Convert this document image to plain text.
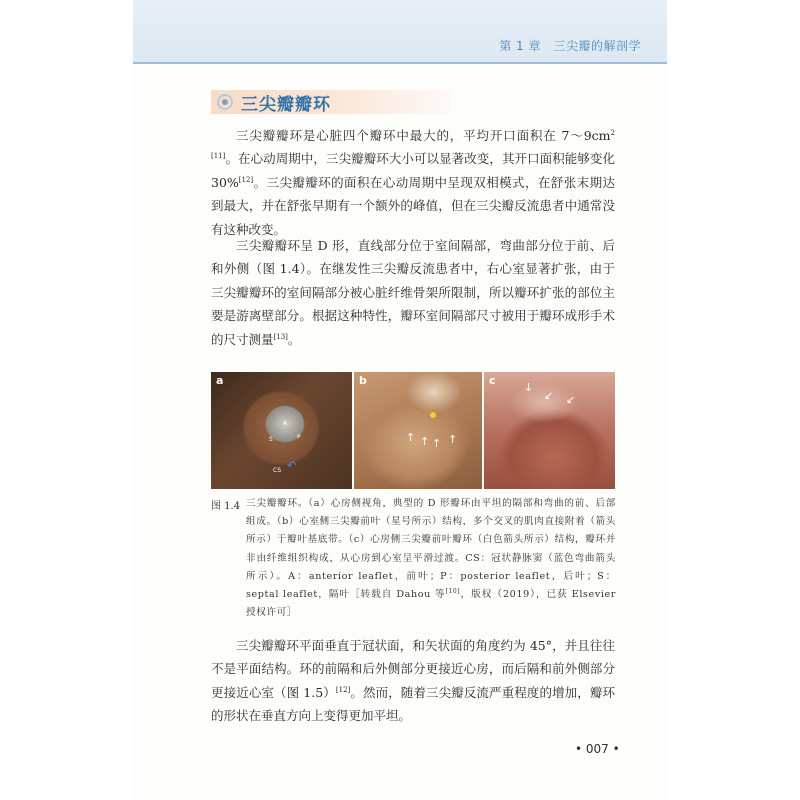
第 1 章　三尖瓣的解剖学
三尖瓣瓣环

三尖瓣瓣环是心脏四个瓣环中最大的，平均开口面积在 $7\sim 9cm^{2 [11]}$。在心动周期中，三尖瓣瓣环大小可以显著改变，其开口面积能够变化 30%[12]。三尖瓣瓣环的面积在心动周期中呈现双相模式，在舒张末期达到最大，并在舒张早期有一个额外的峰值，但在三尖瓣反流患者中通常没有这种改变。

三尖瓣瓣环呈 D 形，直线部分位于室间隔部，弯曲部分位于前、后和外侧（图 1.4）。在继发性三尖瓣反流患者中，右心室显著扩张，由于三尖瓣瓣环的室间隔部分被心脏纤维骨架所限制，所以瓣环扩张的部位主要是游离壁部分。根据这种特性，瓣环室间隔部尺寸被用于瓣环成形手术的尺寸测量[13]。

a
A
S	P
CS ↶
b
↑ ↑ ↑ ↑
c
↓
↙ ↙
图 1.4 三尖瓣瓣环。（a）心房侧视角，典型的 D 形瓣环由平坦的隔部和弯曲的前、后部组成。（b）心室侧三尖瓣前叶（星号所示）结构，多个交叉的肌肉直接附着（箭头所示）于瓣叶基底带。（c）心房侧三尖瓣前叶瓣环（白色箭头所示）结构，瓣环并非由纤维组织构成，从心房到心室呈平滑过渡。CS：冠状静脉窦（蓝色弯曲箭头所示）。A：anterior leaflet，前叶；P：posterior leaflet，后叶；S：septal leaflet，隔叶［转载自 Dahou 等[10]，版权（2019），已获 Elsevier 授权许可］

三尖瓣瓣环平面垂直于冠状面，和矢状面的角度约为 45°，并且往往不是平面结构。环的前隔和后外侧部分更接近心房，而后隔和前外侧部分更接近心室（图 1.5）[12]。然而，随着三尖瓣反流严重程度的增加，瓣环的形状在垂直方向上变得更加平坦。

• 007 •
